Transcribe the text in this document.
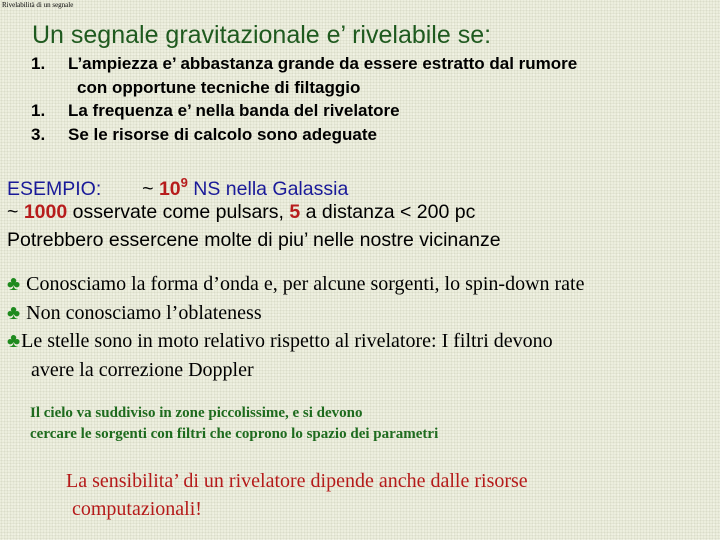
Rivelabilità di un segnale
Un segnale gravitazionale e’ rivelabile se:
1. L’ampiezza e’ abbastanza grande da essere estratto dal rumore
con opportune tecniche di filtaggio
1. La frequenza e’ nella banda del rivelatore
3. Se le risorse di calcolo sono adeguate
ESEMPIO: ~ $10^9$ NS nella Galassia
~ 1000 osservate come pulsars, 5 a distanza < 200 pc
Potrebbero essercene molte di piu’ nelle nostre vicinanze
♣ Conosciamo la forma d’onda e, per alcune sorgenti, lo spin-down rate
♣ Non conosciamo l’oblateness
♣Le stelle sono in moto relativo rispetto al rivelatore: I filtri devono
avere la correzione Doppler
Il cielo va suddiviso in zone piccolissime, e si devono
cercare le sorgenti con filtri che coprono lo spazio dei parametri
La sensibilita’ di un rivelatore dipende anche dalle risorse
computazionali!
